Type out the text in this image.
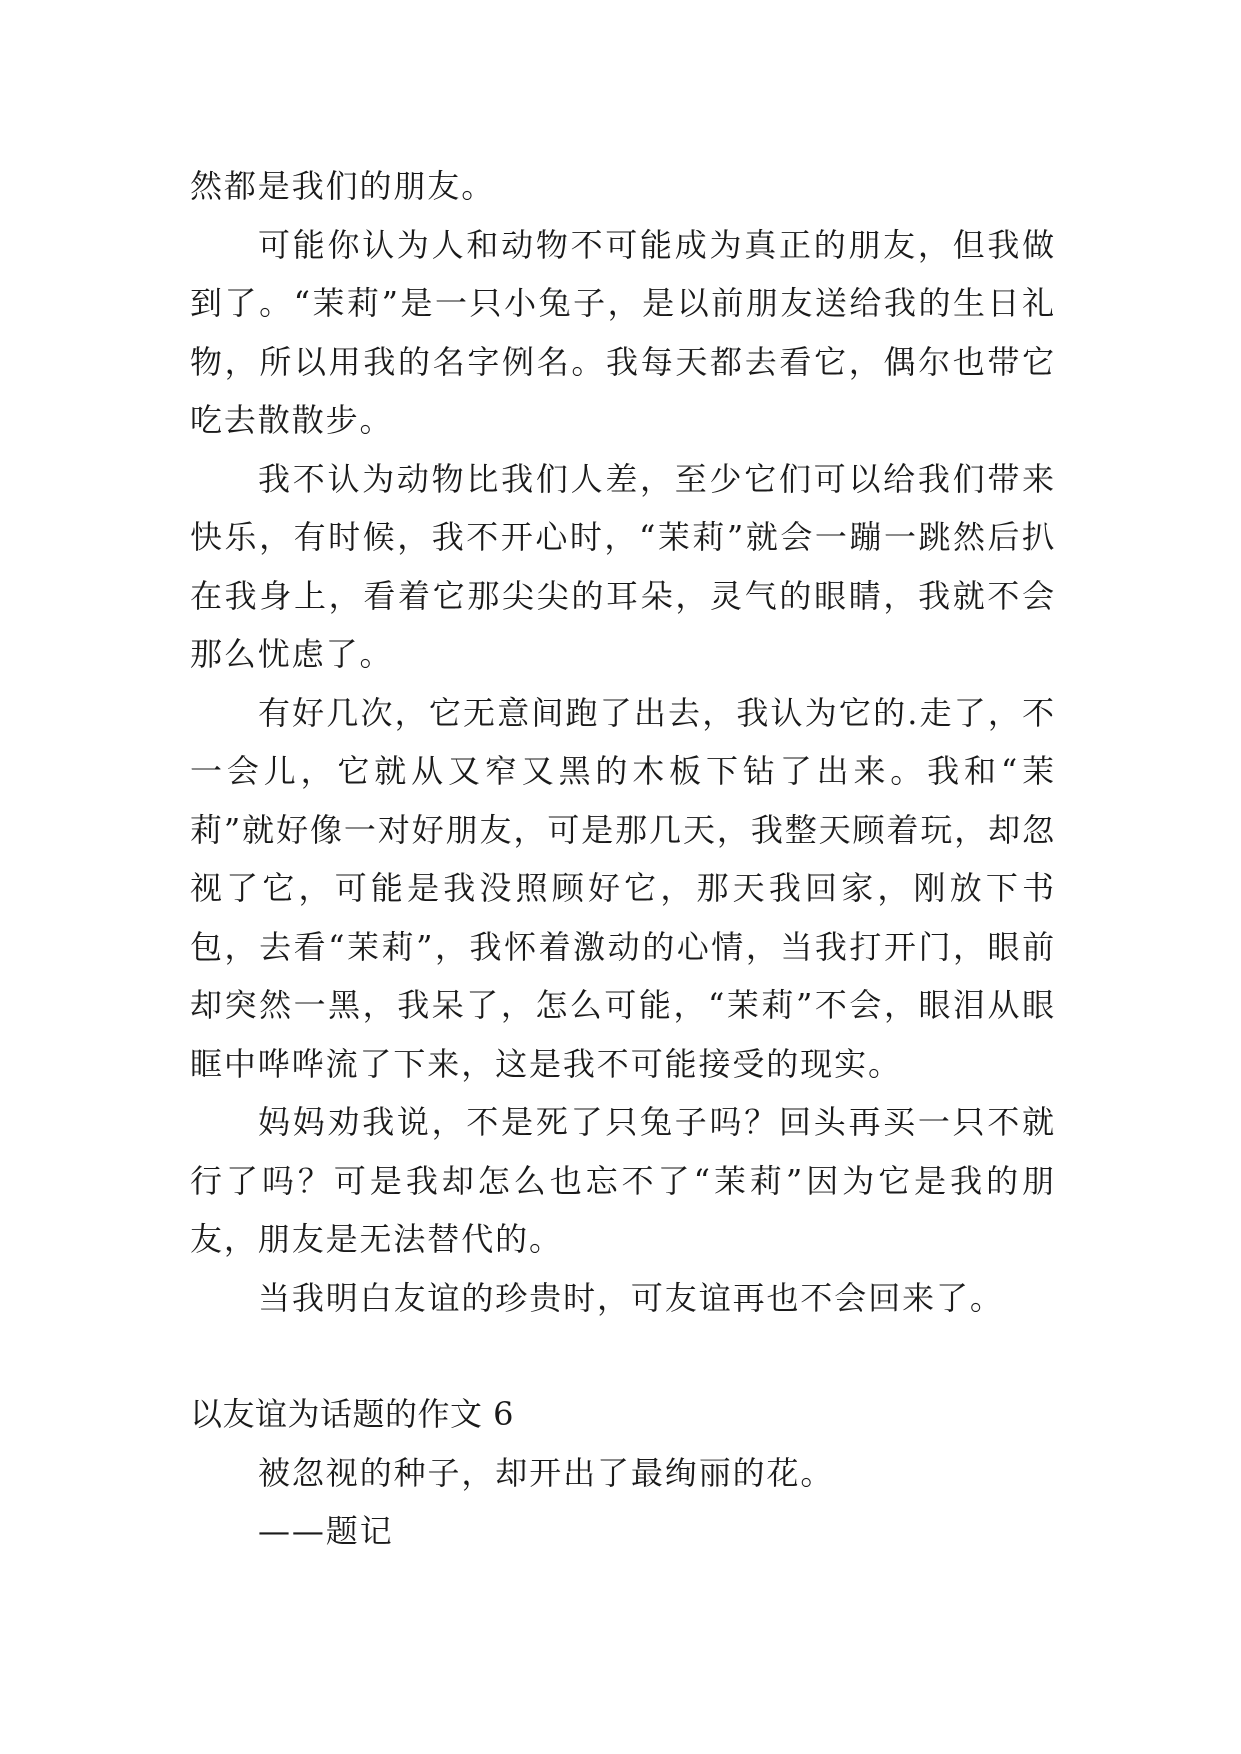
然都是我们的朋友。

可能你认为人和动物不可能成为真正的朋友，但我做到了。“茉莉”是一只小兔子，是以前朋友送给我的生日礼物，所以用我的名字例名。我每天都去看它，偶尔也带它吃去散散步。

我不认为动物比我们人差，至少它们可以给我们带来快乐，有时候，我不开心时，“茉莉”就会一蹦一跳然后扒在我身上，看着它那尖尖的耳朵，灵气的眼睛，我就不会那么忧虑了。

有好几次，它无意间跑了出去，我认为它的.走了，不一会儿，它就从又窄又黑的木板下钻了出来。我和“茉莉”就好像一对好朋友，可是那几天，我整天顾着玩，却忽视了它，可能是我没照顾好它，那天我回家，刚放下书包，去看“茉莉”，我怀着激动的心情，当我打开门，眼前却突然一黑，我呆了，怎么可能，“茉莉”不会，眼泪从眼眶中哗哗流了下来，这是我不可能接受的现实。

妈妈劝我说，不是死了只兔子吗？回头再买一只不就行了吗？可是我却怎么也忘不了“茉莉”因为它是我的朋友，朋友是无法替代的。

当我明白友谊的珍贵时，可友谊再也不会回来了。

以友谊为话题的作文 6

被忽视的种子，却开出了最绚丽的花。

——题记
